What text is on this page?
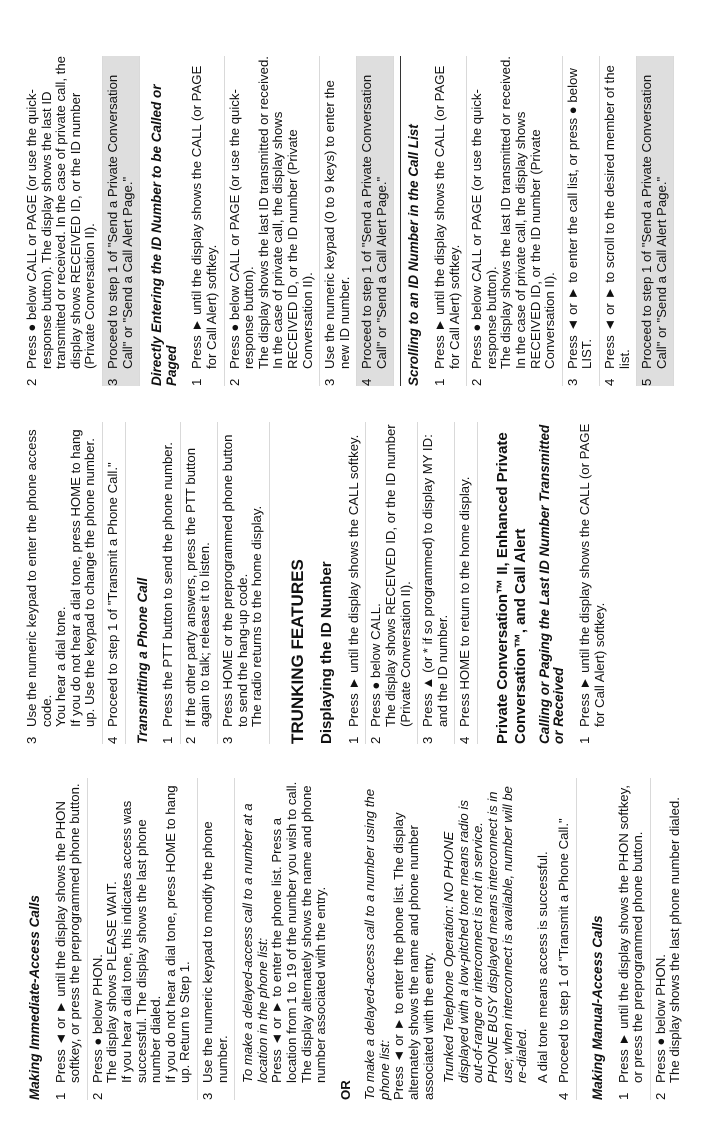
Making Immediate-Access Calls 1
Press ◄ or ► until the display shows the PHON softkey, or press the preprogrammed phone button.
2

Press ● below PHON. The display shows PLEASE WAIT. If you hear a dial tone, this indicates access was successful. The display shows the last phone number dialed. If you do not hear a dial tone, press HOME to hang up. Return to Step 1.

3
Use the numeric keypad to modify the phone number. To make a delayed-access call to a number at a location in the phone list: Press ◄ or ► to enter the phone list. Press a location from 1 to 19 of the number you wish to call. The display alternately shows the name and phone number associated with the entry.

OR To make a delayed-access call to a number using the phone list: Press ◄ or ► to enter the phone list. The display alternately shows the name and phone number associated with the entry. Trunked Telephone Operation: NO PHONE displayed with a low-pitched tone means radio is out-of-range or interconnect is not in service. PHONE BUSY displayed means interconnect is in use; when interconnect is available, number will be re-dialed. A dial tone means access is successful.
4
Proceed to step 1 of "Transmit a Phone Call." Making Manual-Access Calls 1
Press ► until the display shows the PHON softkey, or press the preprogrammed phone button.
2

Press ● below PHON. The display shows the last phone number dialed.

3

Use the numeric keypad to enter the phone access code. You hear a dial tone. If you do not hear a dial tone, press HOME to hang up. Use the keypad to change the phone number.

4
Proceed to step 1 of "Transmit a Phone Call." Transmitting a Phone Call 1
Press the PTT button to send the phone number.
2
If the other party answers, press the PTT button again to talk; release it to listen.
3

Press HOME or the preprogrammed phone button to send the hang-up code. The radio returns to the home display. TRUNKING FEATURES Displaying the ID Number 1
Press ► until the display shows the CALL softkey.
2

Press ● below CALL. The display shows RECEIVED ID, or the ID number (Private Conversation II).

3
Press ▲ (or * if so programmed) to display MY ID: and the ID number.
4
Press HOME to return to the home display. Private Conversation™ II, Enhanced Private Conversation™, and Call Alert Calling or Paging the Last ID Number Transmitted or Received 1
Press ► until the display shows the CALL (or PAGE for Call Alert) softkey.
2
Press ● below CALL or PAGE (or use the quick-response button). The display shows the last ID transmitted or received. In the case of private call, the display shows RECEIVED ID, or the ID number (Private Conversation II).
3
Proceed to step 1 of "Send a Private Conversation Call" or "Send a Call Alert Page." Directly Entering the ID Number to be Called or Paged 1
Press ► until the display shows the CALL (or PAGE for Call Alert) softkey.
2

Press ● below CALL or PAGE (or use the quick-response button). The display shows the last ID transmitted or received. In the case of private call, the display shows RECEIVED ID, or the ID number (Private Conversation II).

3
Use the numeric keypad (0 to 9 keys) to enter the new ID number.
4
Proceed to step 1 of "Send a Private Conversation Call" or "Send a Call Alert Page." Scrolling to an ID Number in the Call List 1
Press ► until the display shows the CALL (or PAGE for Call Alert) softkey.
2

Press ● below CALL or PAGE (or use the quick-response button). The display shows the last ID transmitted or received. In the case of private call, the display shows RECEIVED ID, or the ID number (Private Conversation II).

3
Press ◄ or ► to enter the call list, or press ● below LIST.
4
Press ◄ or ► to scroll to the desired member of the list.
5
Proceed to step 1 of "Send a Private Conversation Call" or "Send a Call Alert Page."
